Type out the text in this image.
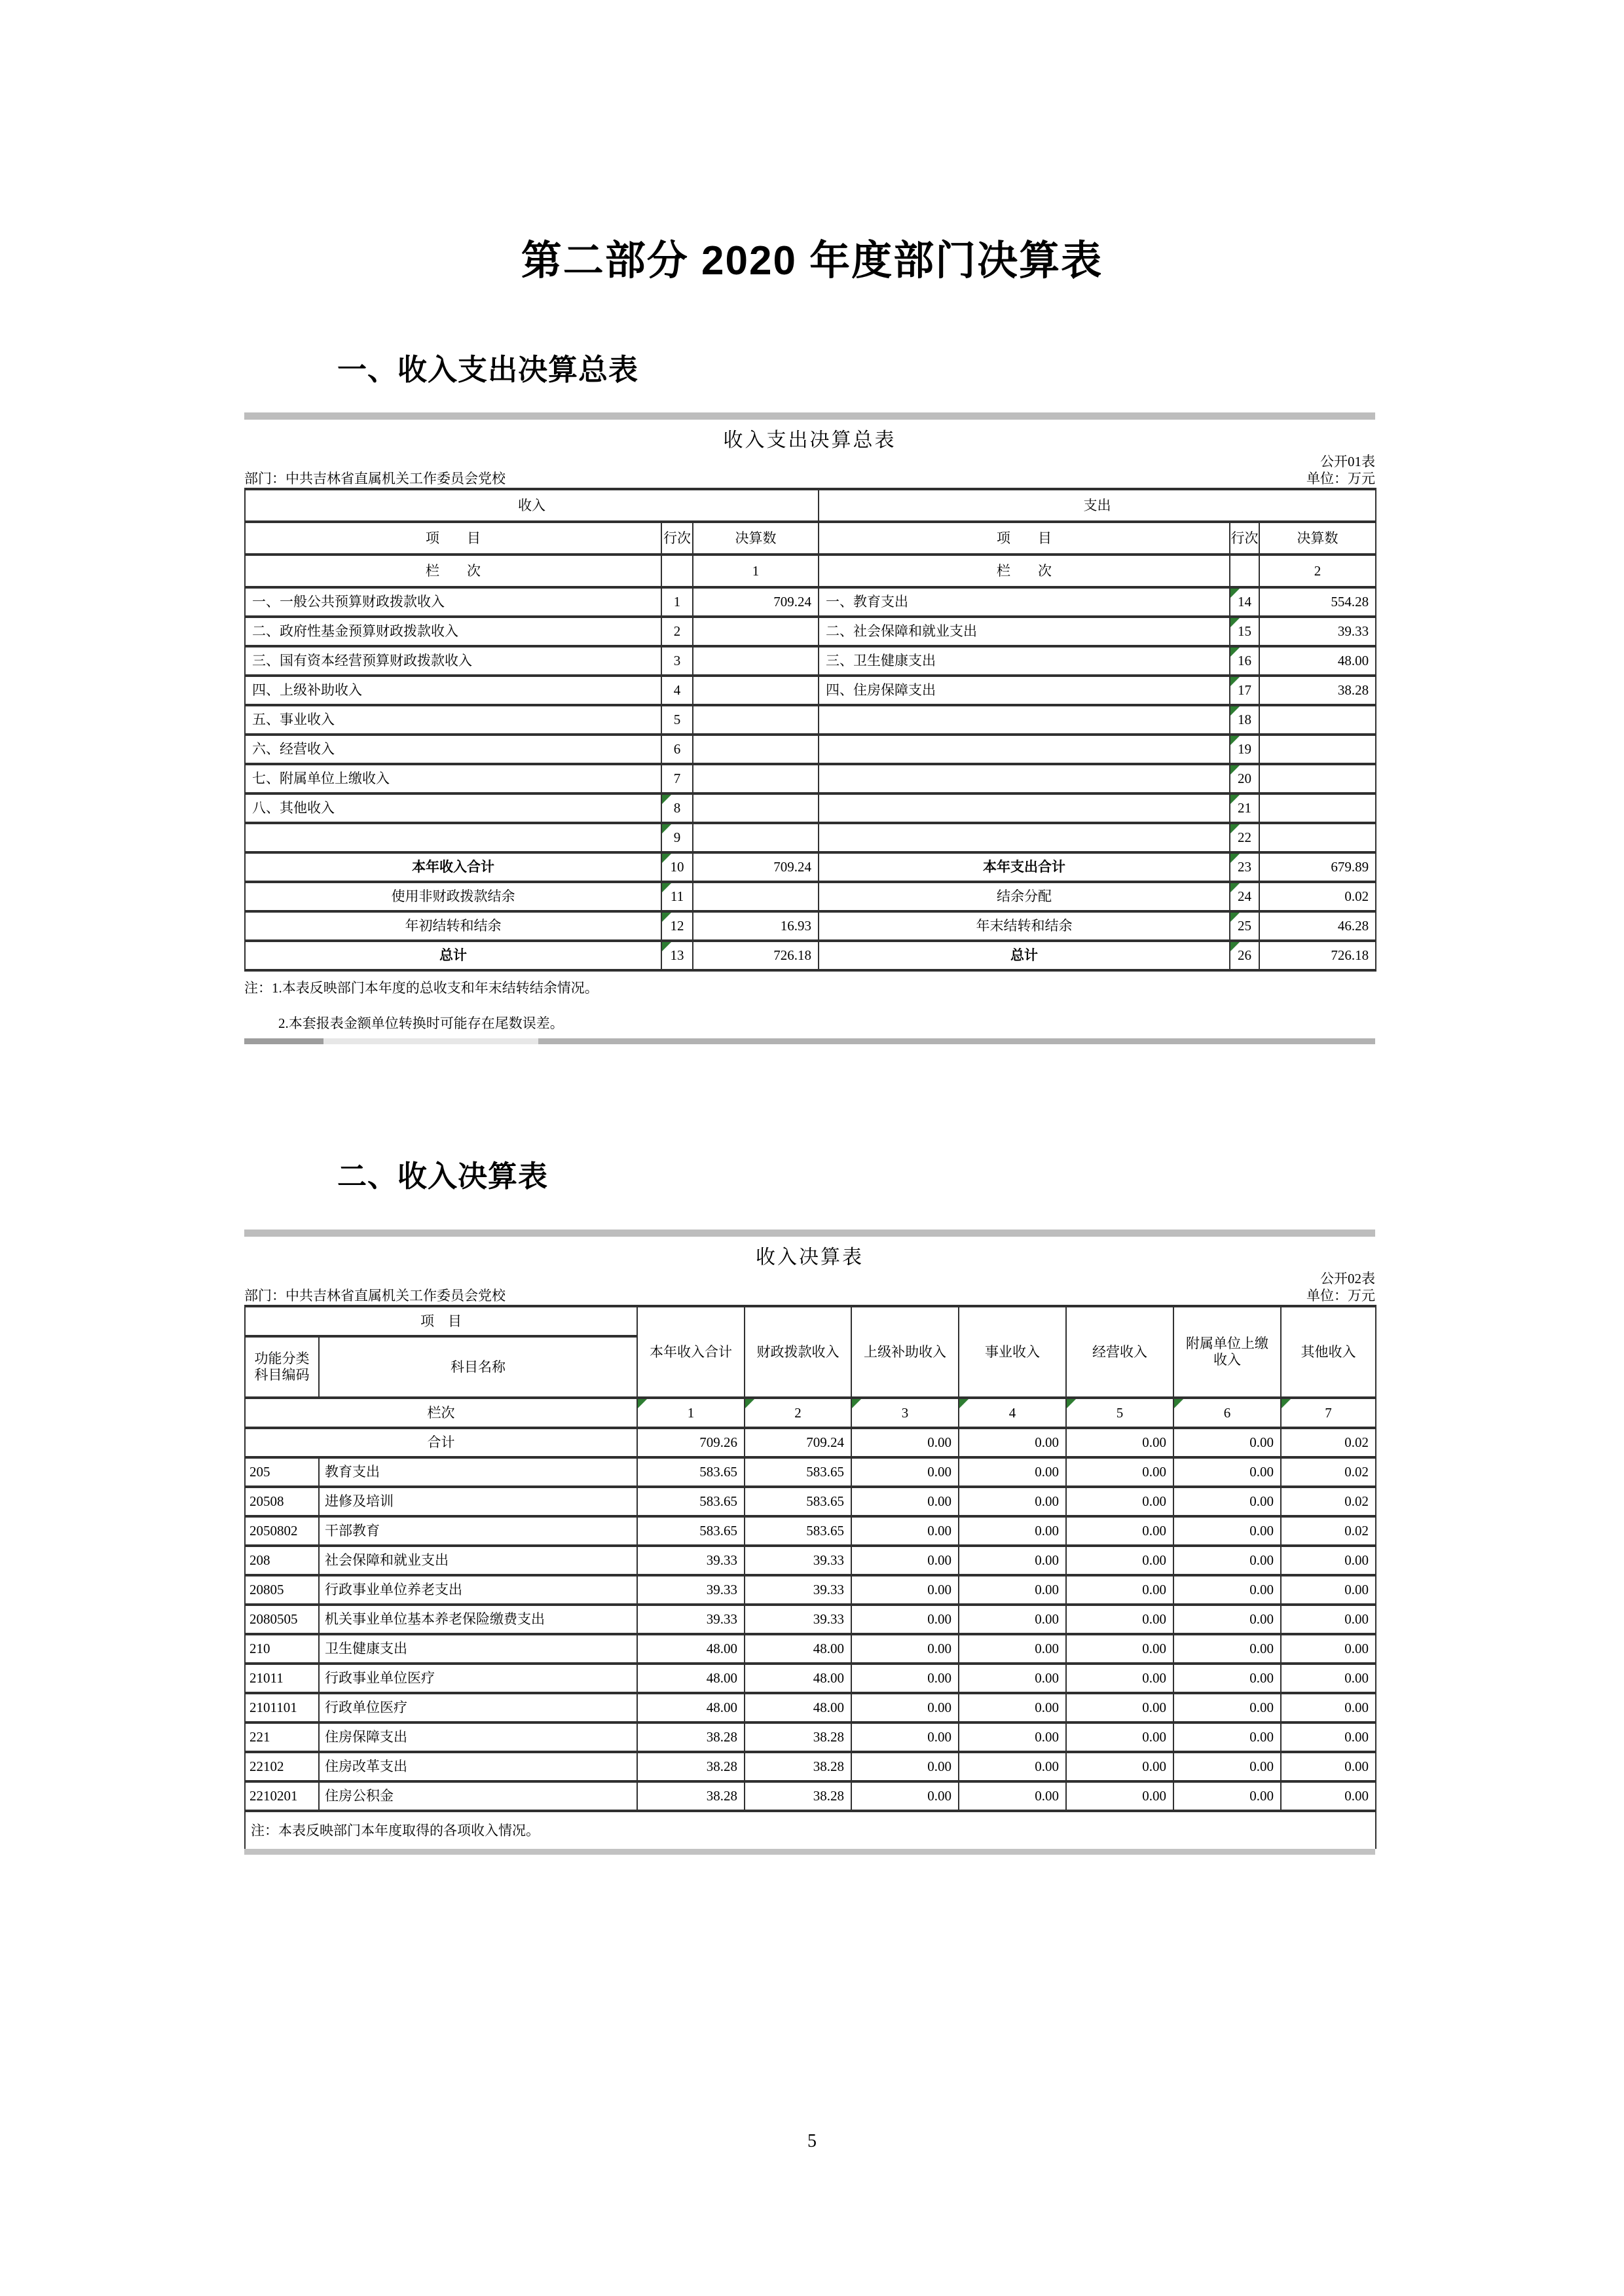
第二部分 2020 年度部门决算表
一、收入支出决算总表
收入支出决算总表
公开01表
部门：中共吉林省直属机关工作委员会党校	单位：万元
收入			支出		
项　　目	行次	决算数	项　　目	行次	决算数
栏　　次		1	栏　　次		2
一、一般公共预算财政拨款收入	1	709.24	一、教育支出	14	554.28
二、政府性基金预算财政拨款收入	2		二、社会保障和就业支出	15	39.33
三、国有资本经营预算财政拨款收入	3		三、卫生健康支出	16	48.00
四、上级补助收入	4		四、住房保障支出	17	38.28
五、事业收入	5			18	
六、经营收入	6			19	
七、附属单位上缴收入	7			20	
八、其他收入	8			21	
	9			22	
本年收入合计	10	709.24	本年支出合计	23	679.89
使用非财政拨款结余	11		结余分配	24	0.02
年初结转和结余	12	16.93	年末结转和结余	25	46.28
总计	13	726.18	总计	26	726.18
注：1.本表反映部门本年度的总收支和年末结转结余情况。
2.本套报表金额单位转换时可能存在尾数误差。
二、收入决算表
收入决算表
公开02表
部门：中共吉林省直属机关工作委员会党校	单位：万元
项　目		本年收入合计	财政拨款收入	上级补助收入	事业收入	经营收入	附属单位上缴收入	其他收入
功能分类科目编码	科目名称							
栏次		1	2	3	4	5	6	7
合计		709.26	709.24	0.00	0.00	0.00	0.00	0.02
205	教育支出	583.65	583.65	0.00	0.00	0.00	0.00	0.02
20508	进修及培训	583.65	583.65	0.00	0.00	0.00	0.00	0.02
2050802	干部教育	583.65	583.65	0.00	0.00	0.00	0.00	0.02
208	社会保障和就业支出	39.33	39.33	0.00	0.00	0.00	0.00	0.00
20805	行政事业单位养老支出	39.33	39.33	0.00	0.00	0.00	0.00	0.00
2080505	机关事业单位基本养老保险缴费支出	39.33	39.33	0.00	0.00	0.00	0.00	0.00
210	卫生健康支出	48.00	48.00	0.00	0.00	0.00	0.00	0.00
21011	行政事业单位医疗	48.00	48.00	0.00	0.00	0.00	0.00	0.00
2101101	行政单位医疗	48.00	48.00	0.00	0.00	0.00	0.00	0.00
221	住房保障支出	38.28	38.28	0.00	0.00	0.00	0.00	0.00
22102	住房改革支出	38.28	38.28	0.00	0.00	0.00	0.00	0.00
2210201	住房公积金	38.28	38.28	0.00	0.00	0.00	0.00	0.00
注：本表反映部门本年度取得的各项收入情况。								
5
